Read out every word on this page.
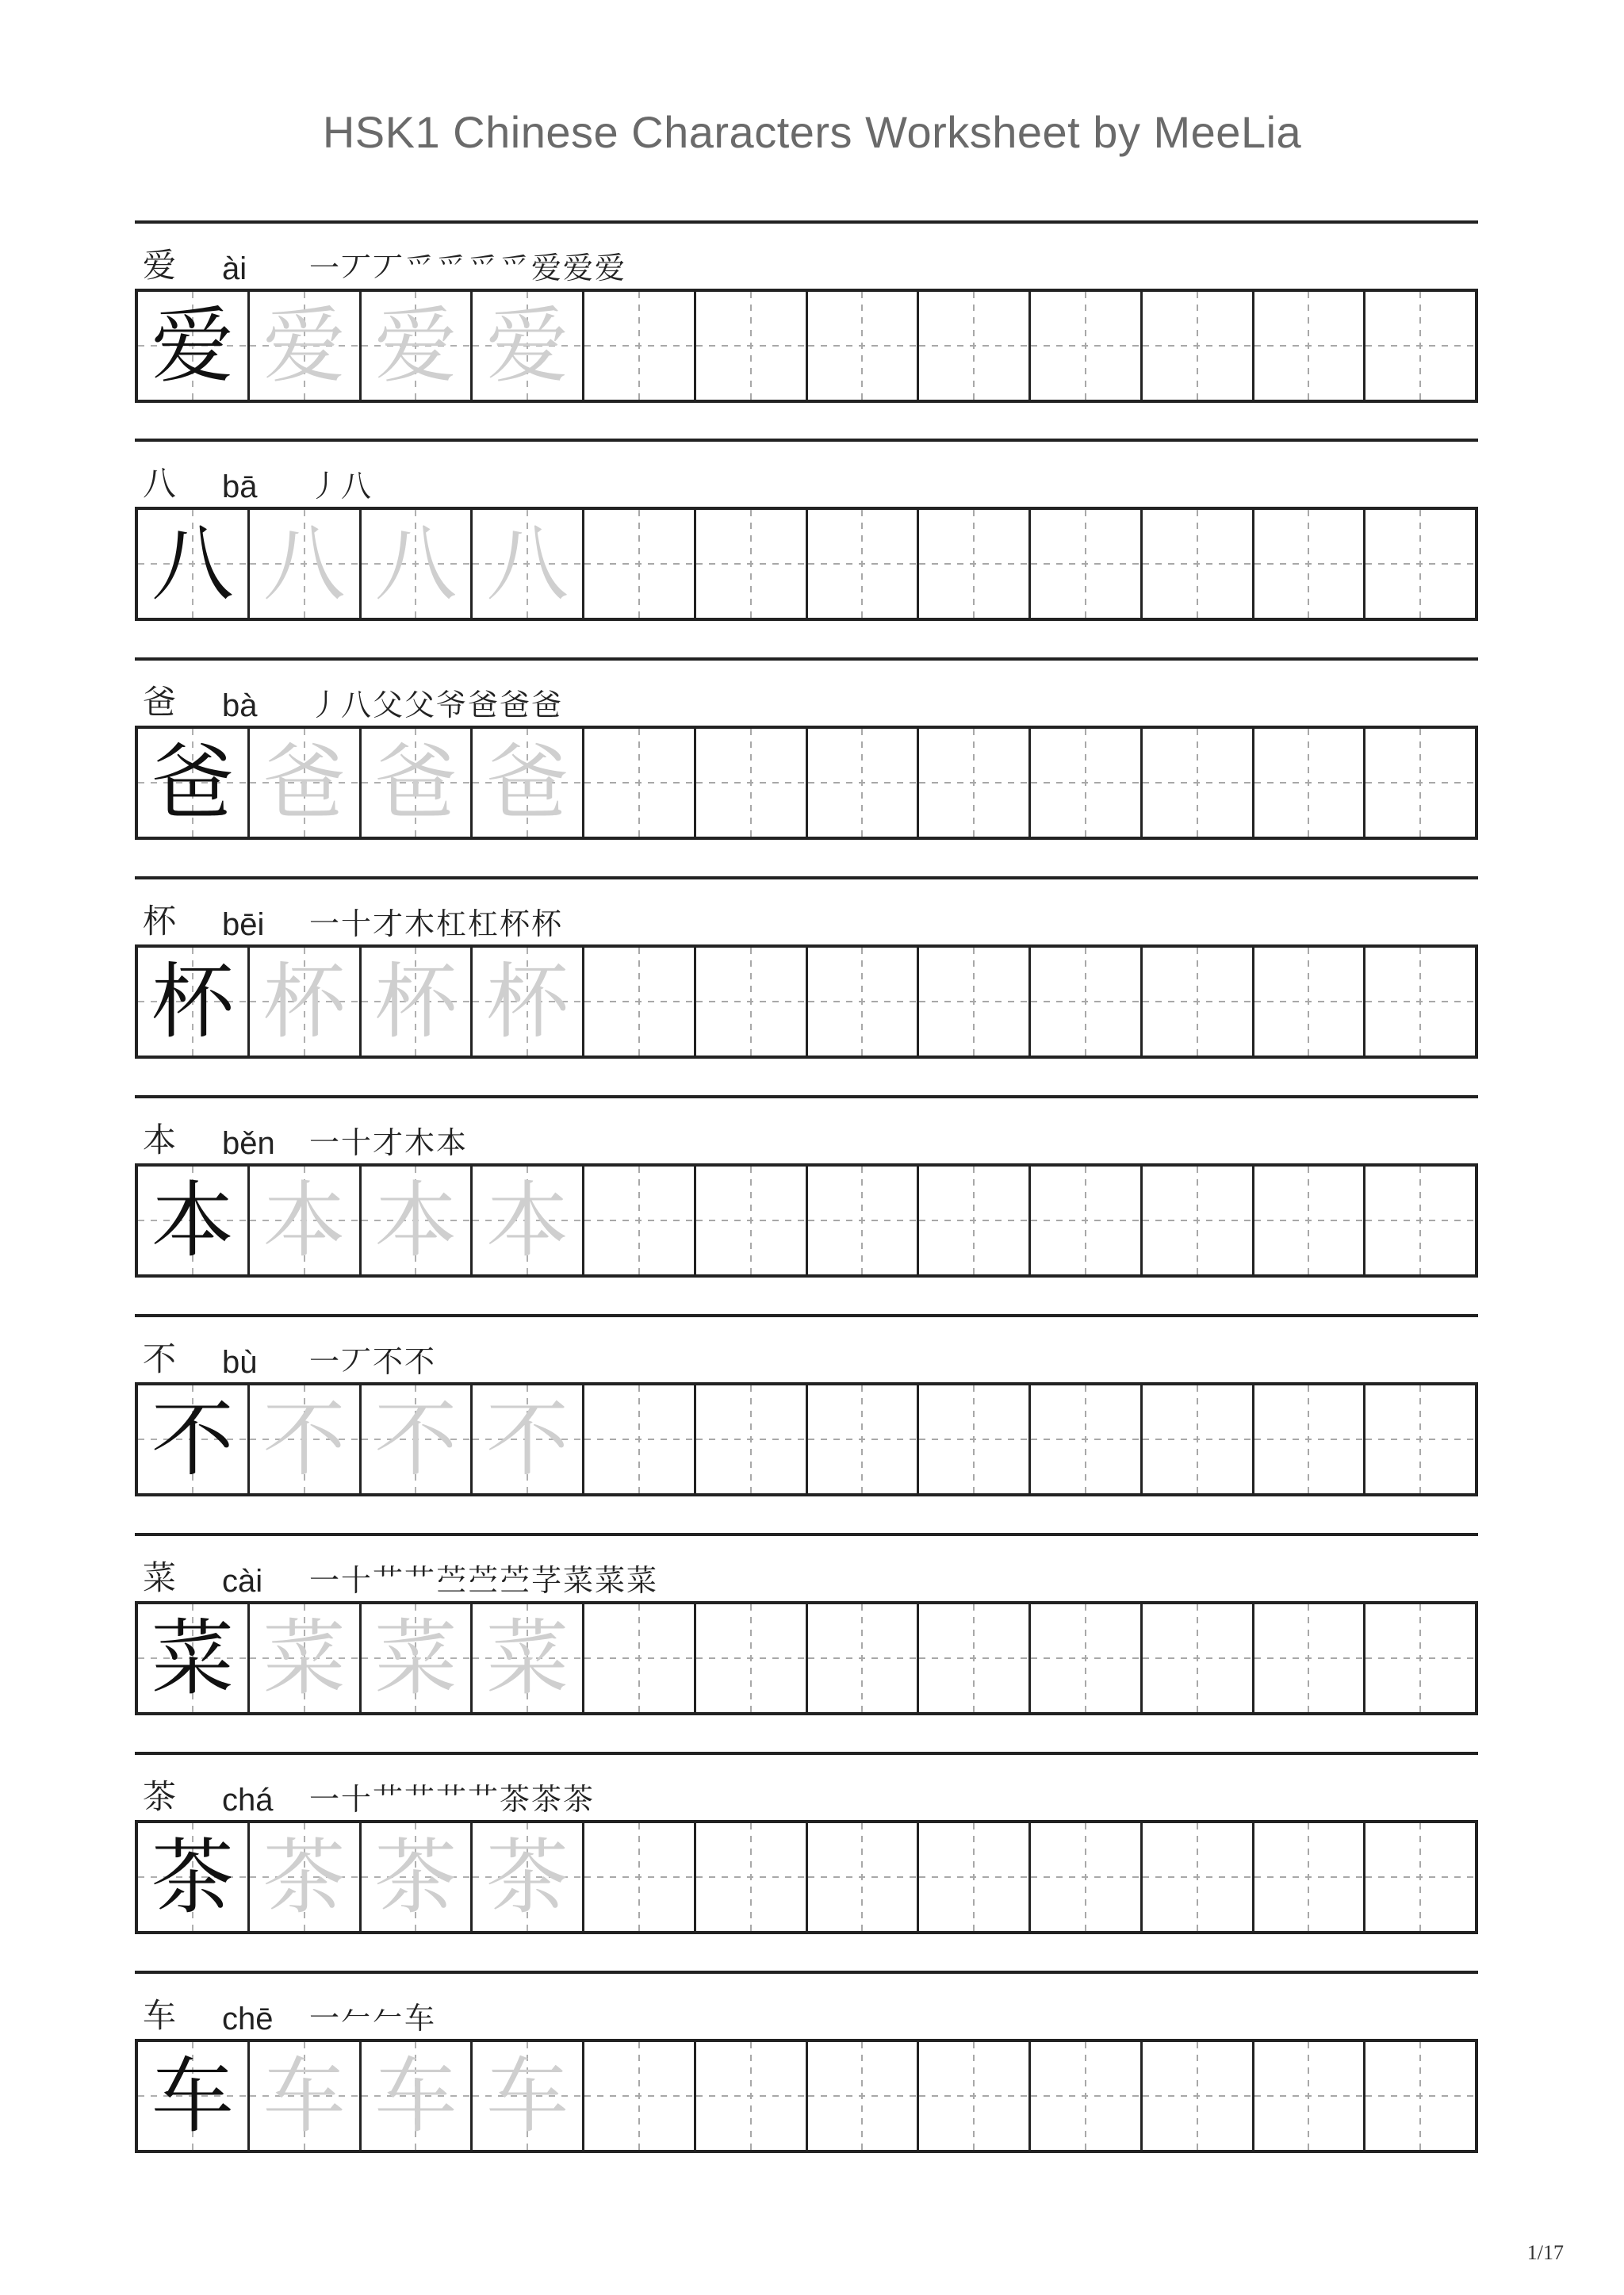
HSK1 Chinese Characters Worksheet by MeeLia
爱	ài	一丆丆爫爫爫爫爱爱爱
爱 爱 爱 爱
八	bā	丿八
八 八 八 八
爸	bà	丿八父父爷爸爸爸
爸 爸 爸 爸
杯	bēi	一十才木杠杠杯杯
杯 杯 杯 杯
本	běn	一十才木本
本 本 本 本
不	bù	一丆不不
不 不 不 不
菜	cài	一十艹艹苎苎苎芓菜菜菜
菜 菜 菜 菜
茶	chá	一十艹艹艹艹茶茶茶
茶 茶 茶 茶
车	chē	一𠂉𠂉车
车 车 车 车
1/17
